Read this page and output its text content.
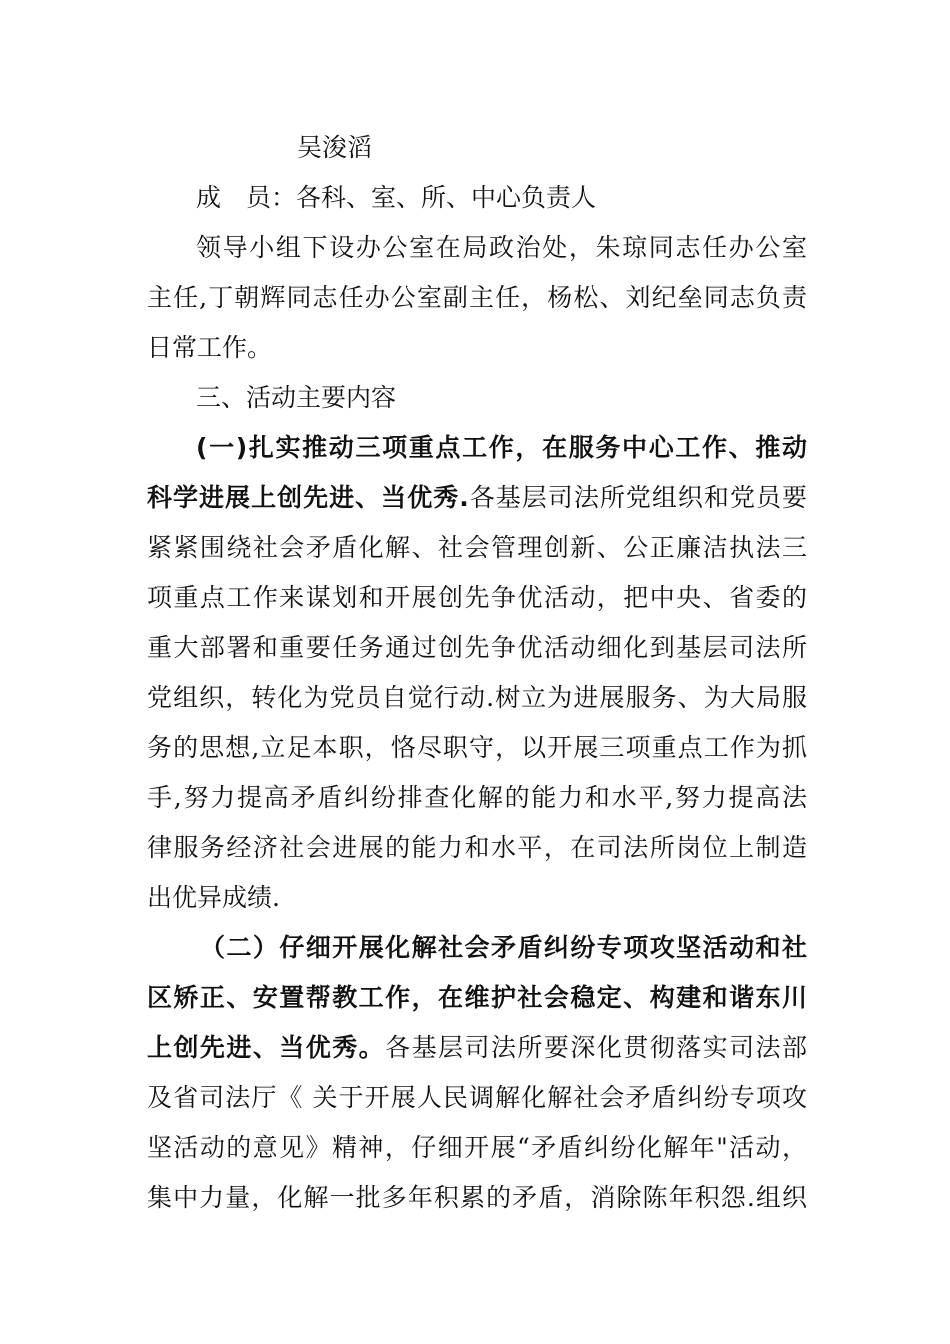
吴浚滔
成　员：各科、室、所、中心负责人
领导小组下设办公室在局政治处，朱琼同志任办公室
主任,丁朝辉同志任办公室副主任，杨松、刘纪垒同志负责
日常工作。
三、活动主要内容
(一)扎实推动三项重点工作，在服务中心工作、推动
科学进展上创先进、当优秀.各基层司法所党组织和党员要
紧紧围绕社会矛盾化解、社会管理创新、公正廉洁执法三
项重点工作来谋划和开展创先争优活动，把中央、省委的
重大部署和重要任务通过创先争优活动细化到基层司法所
党组织，转化为党员自觉行动.树立为进展服务、为大局服
务的思想,立足本职，恪尽职守，以开展三项重点工作为抓
手,努力提高矛盾纠纷排查化解的能力和水平,努力提高法
律服务经济社会进展的能力和水平，在司法所岗位上制造
出优异成绩.
（二）仔细开展化解社会矛盾纠纷专项攻坚活动和社
区矫正、安置帮教工作，在维护社会稳定、构建和谐东川
上创先进、当优秀。各基层司法所要深化贯彻落实司法部
及省司法厅《 关于开展人民调解化解社会矛盾纠纷专项攻
坚活动的意见》精神，仔细开展“矛盾纠纷化解年"活动，
集中力量，化解一批多年积累的矛盾，消除陈年积怨.组织
